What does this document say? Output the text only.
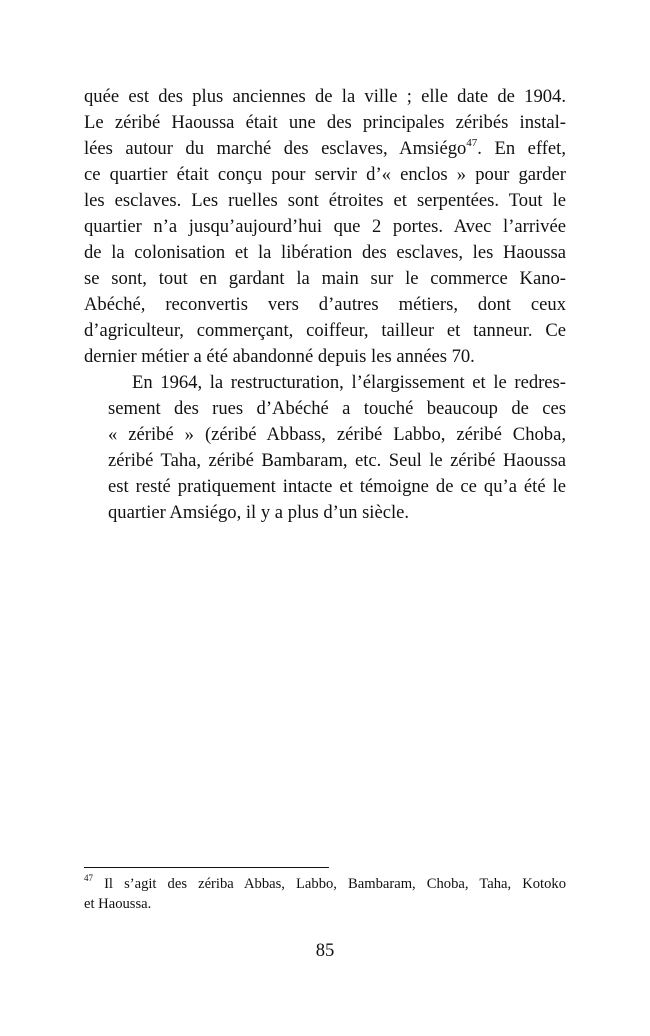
quée est des plus anciennes de la ville ; elle date de 1904.
Le zéribé Haoussa était une des principales zéribés instal-
lées autour du marché des esclaves, Amsiégo$^{47}$. En effet,
ce quartier était conçu pour servir d’« enclos » pour garder
les esclaves. Les ruelles sont étroites et serpentées. Tout le
quartier n’a jusqu’aujourd’hui que 2 portes. Avec l’arrivée
de la colonisation et la libération des esclaves, les Haoussa
se sont, tout en gardant la main sur le commerce Kano-
Abéché, reconvertis vers d’autres métiers, dont ceux
d’agriculteur, commerçant, coiffeur, tailleur et tanneur. Ce
dernier métier a été abandonné depuis les années 70.

En 1964, la restructuration, l’élargissement et le redres-
sement des rues d’Abéché a touché beaucoup de ces
« zéribé » (zéribé Abbass, zéribé Labbo, zéribé Choba,
zéribé Taha, zéribé Bambaram, etc. Seul le zéribé Haoussa
est resté pratiquement intacte et témoigne de ce qu’a été le
quartier Amsiégo, il y a plus d’un siècle.

$^{47}$ Il s’agit des zériba Abbas, Labbo, Bambaram, Choba, Taha, Kotoko
et Haoussa.
85
